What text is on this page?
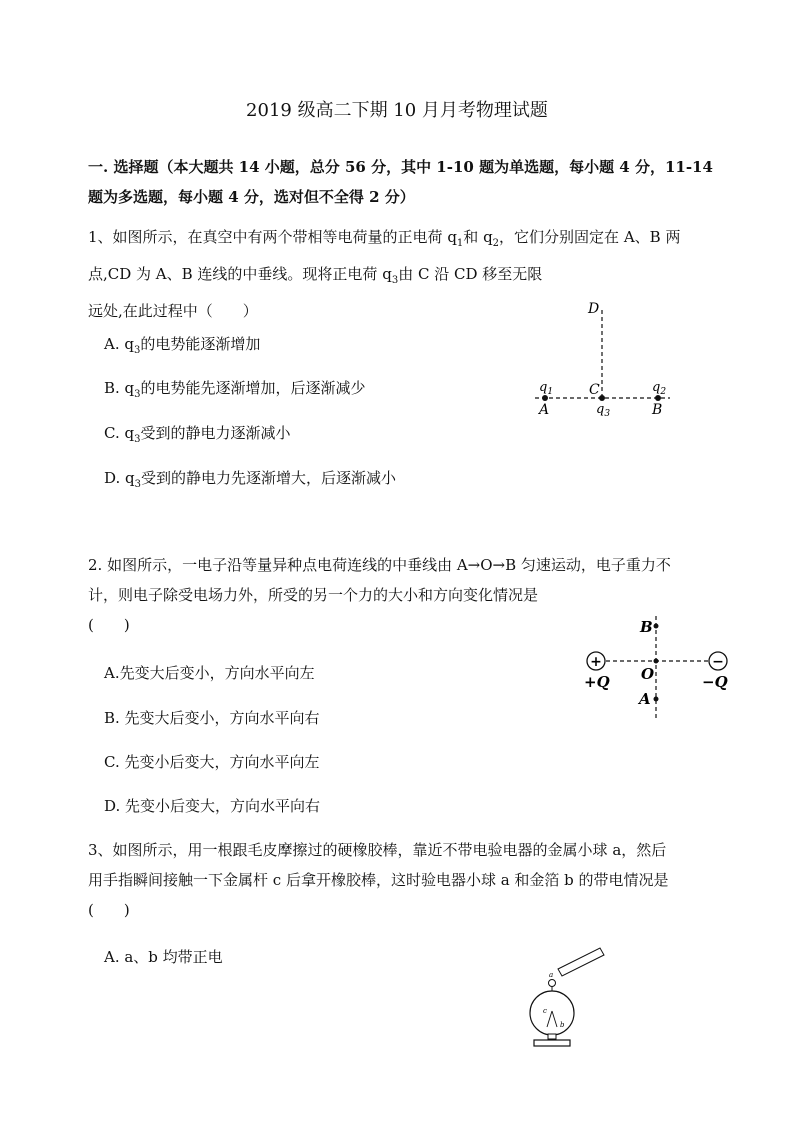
2019 级高二下期 10 月月考物理试题
一. 选择题（本大题共 14 小题，总分 56 分，其中 1-10 题为单选题，每小题 4 分，11-14
题为多选题，每小题 4 分，选对但不全得 2 分）
1、如图所示，在真空中有两个带相等电荷量的正电荷 $q_1$和 $q_2$，它们分别固定在 A、B 两
点,CD 为 A、B 连线的中垂线。现将正电荷 $q_3$由 C 沿 CD 移至无限
远处,在此过程中（　　）
A. $q_3$的电势能逐渐增加
B. $q_3$的电势能先逐渐增加，后逐渐减少
C. $q_3$受到的静电力逐渐减小
D. $q_3$受到的静电力先逐渐增大，后逐渐减小
D
C
A	B
$q_1$	$q_2$
$q_3$
2. 如图所示，一电子沿等量异种点电荷连线的中垂线由 A→O→B 匀速运动，电子重力不
计，则电子除受电场力外，所受的另一个力的大小和方向变化情况是
(　　)
A.先变大后变小，方向水平向左
B. 先变大后变小，方向水平向右
C. 先变小后变大，方向水平向左
D. 先变小后变大，方向水平向右
+	−
B
O
A
+Q	−Q
3、如图所示，用一根跟毛皮摩擦过的硬橡胶棒，靠近不带电验电器的金属小球 a，然后
用手指瞬间接触一下金属杆 c 后拿开橡胶棒，这时验电器小球 a 和金箔 b 的带电情况是
(　　)
A. a、b 均带正电
a
c
b
